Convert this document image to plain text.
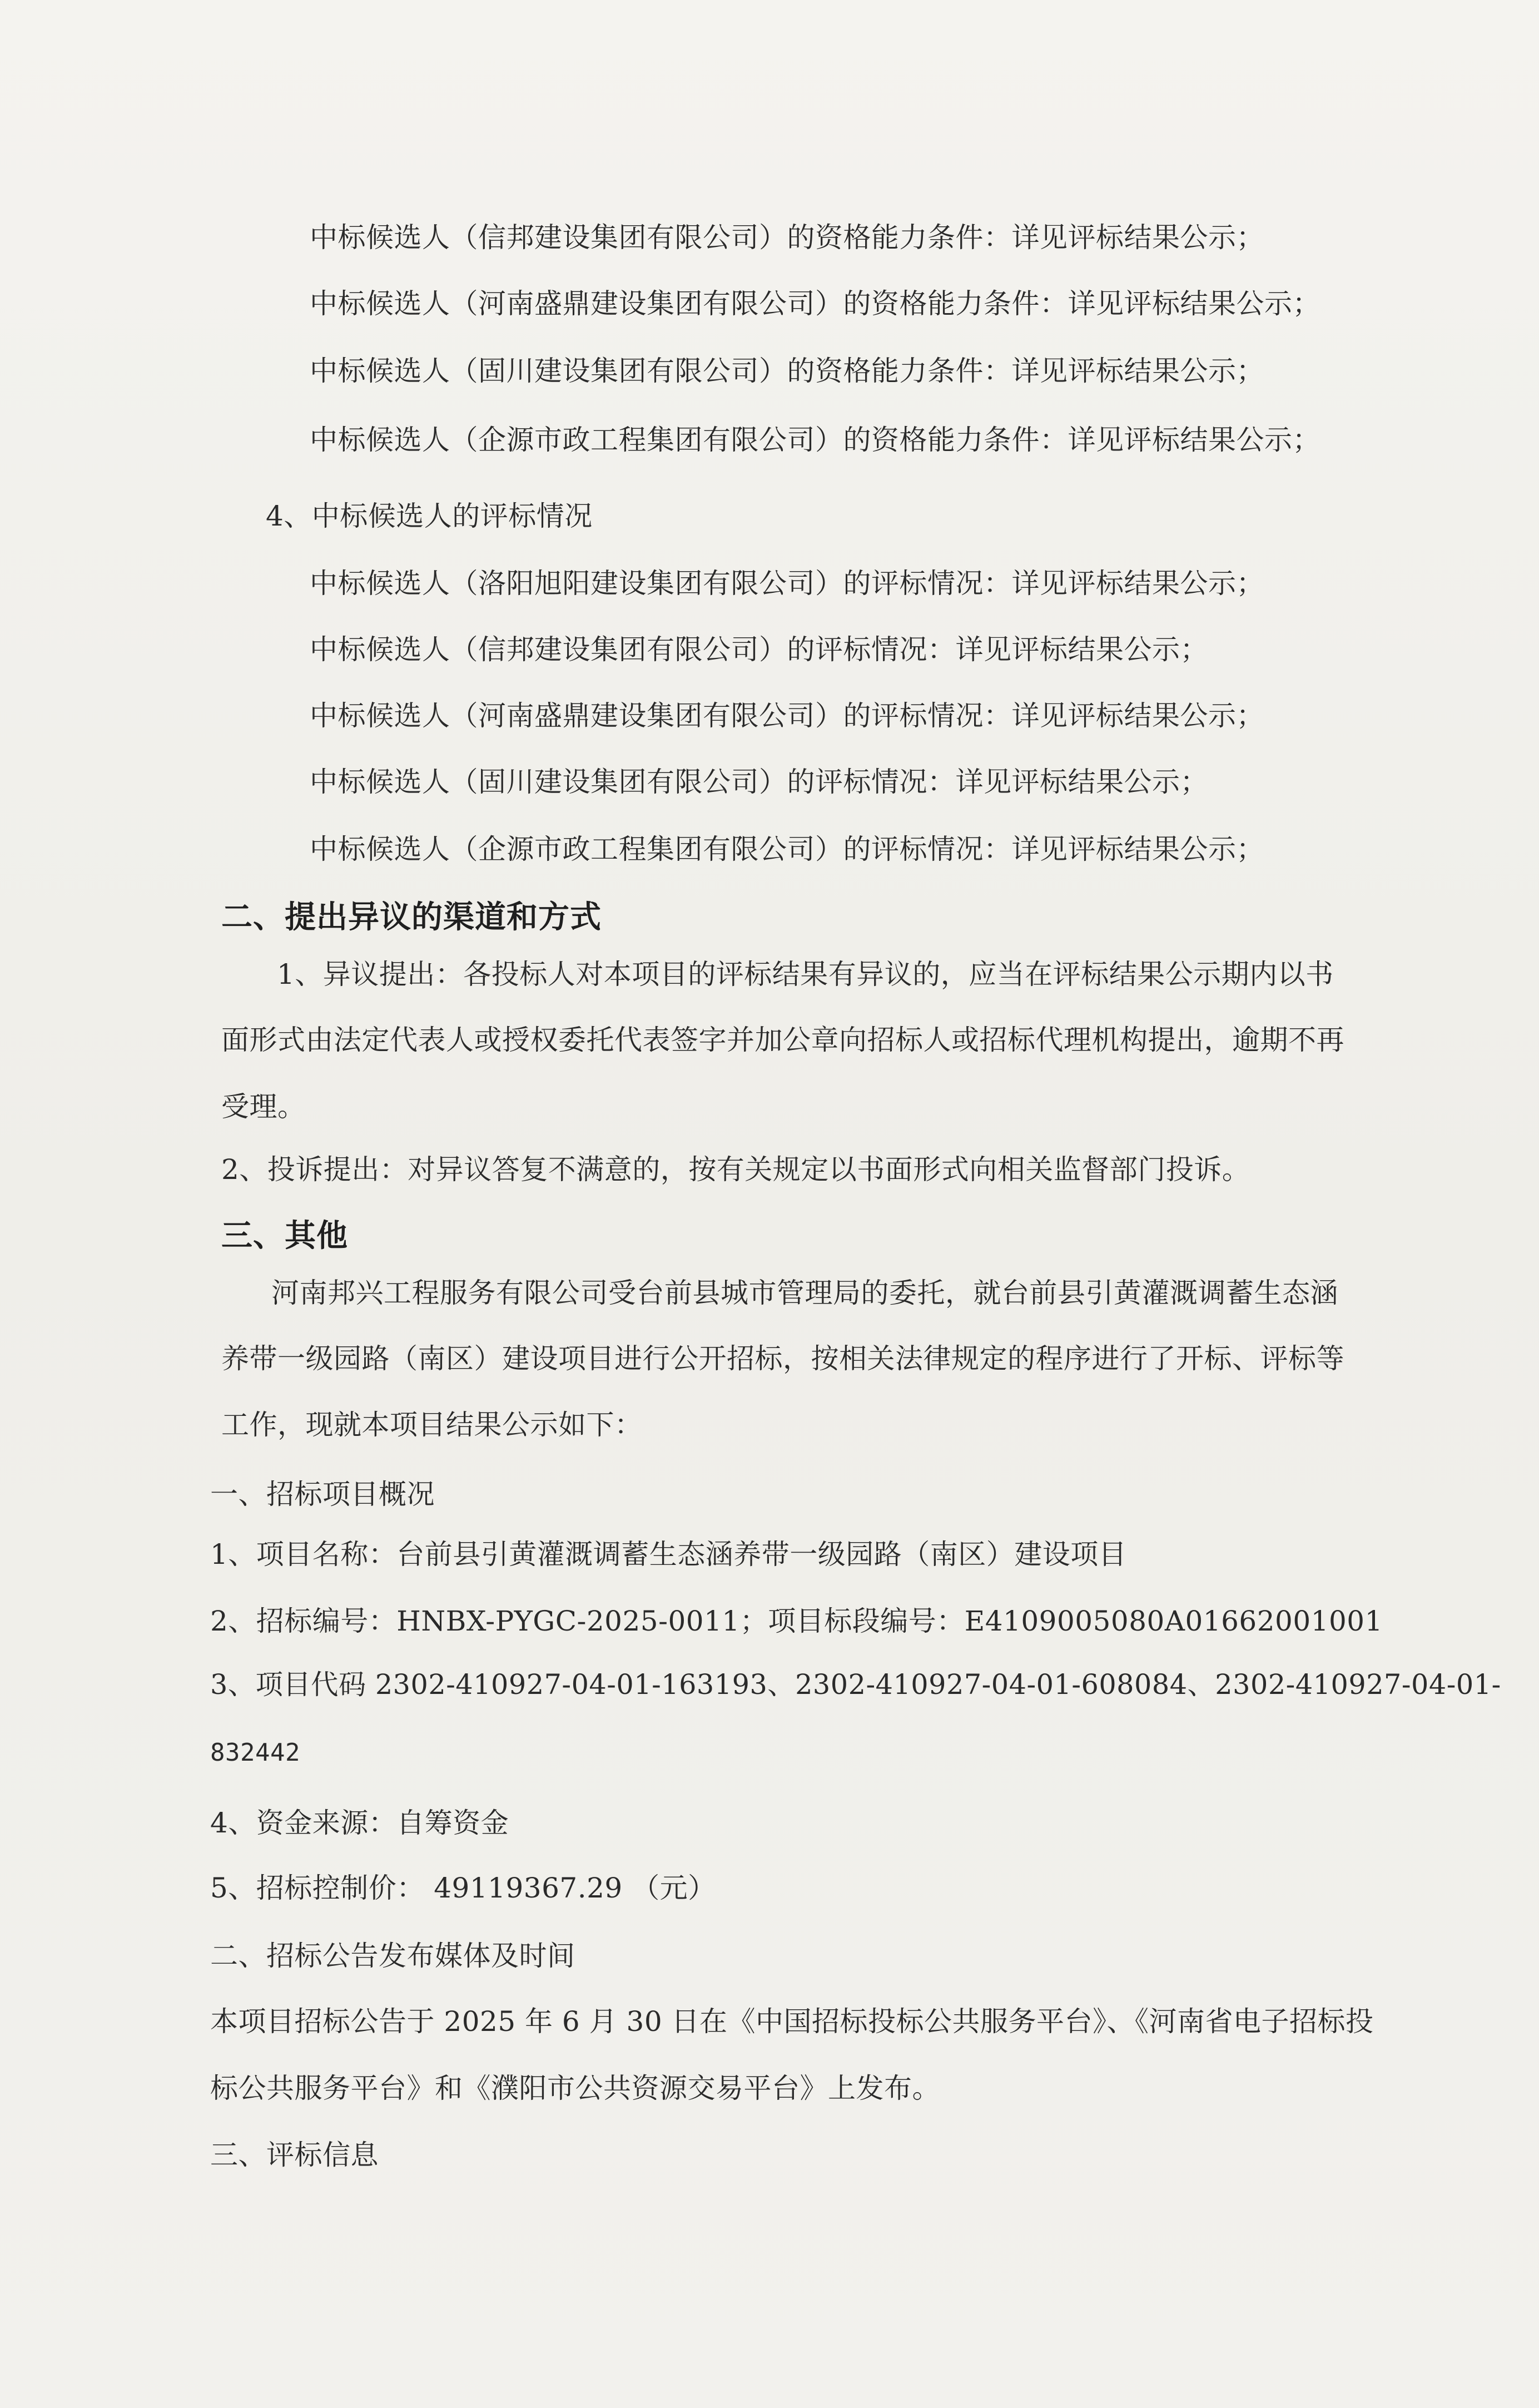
中标候选人（信邦建设集团有限公司）的资格能力条件：详见评标结果公示；
中标候选人（河南盛鼎建设集团有限公司）的资格能力条件：详见评标结果公示；
中标候选人（固川建设集团有限公司）的资格能力条件：详见评标结果公示；
中标候选人（企源市政工程集团有限公司）的资格能力条件：详见评标结果公示；
4、中标候选人的评标情况
中标候选人（洛阳旭阳建设集团有限公司）的评标情况：详见评标结果公示；
中标候选人（信邦建设集团有限公司）的评标情况：详见评标结果公示；
中标候选人（河南盛鼎建设集团有限公司）的评标情况：详见评标结果公示；
中标候选人（固川建设集团有限公司）的评标情况：详见评标结果公示；
中标候选人（企源市政工程集团有限公司）的评标情况：详见评标结果公示；
二、提出异议的渠道和方式
1、异议提出：各投标人对本项目的评标结果有异议的，应当在评标结果公示期内以书
面形式由法定代表人或授权委托代表签字并加公章向招标人或招标代理机构提出，逾期不再
受理。
2、投诉提出：对异议答复不满意的，按有关规定以书面形式向相关监督部门投诉。
三、其他
河南邦兴工程服务有限公司受台前县城市管理局的委托，就台前县引黄灌溉调蓄生态涵
养带一级园路（南区）建设项目进行公开招标，按相关法律规定的程序进行了开标、评标等
工作，现就本项目结果公示如下：
一、招标项目概况
1、项目名称：台前县引黄灌溉调蓄生态涵养带一级园路（南区）建设项目
2、招标编号：HNBX-PYGC-2025-0011；项目标段编号：E4109005080A01662001001
3、项目代码 2302-410927-04-01-163193、2302-410927-04-01-608084、2302-410927-04-01-
832442
4、资金来源：自筹资金
5、招标控制价： 49119367.29 （元）
二、招标公告发布媒体及时间
本项目招标公告于 2025 年 6 月 30 日在《中国招标投标公共服务平台》、《河南省电子招标投
标公共服务平台》和《濮阳市公共资源交易平台》上发布。
三、评标信息
